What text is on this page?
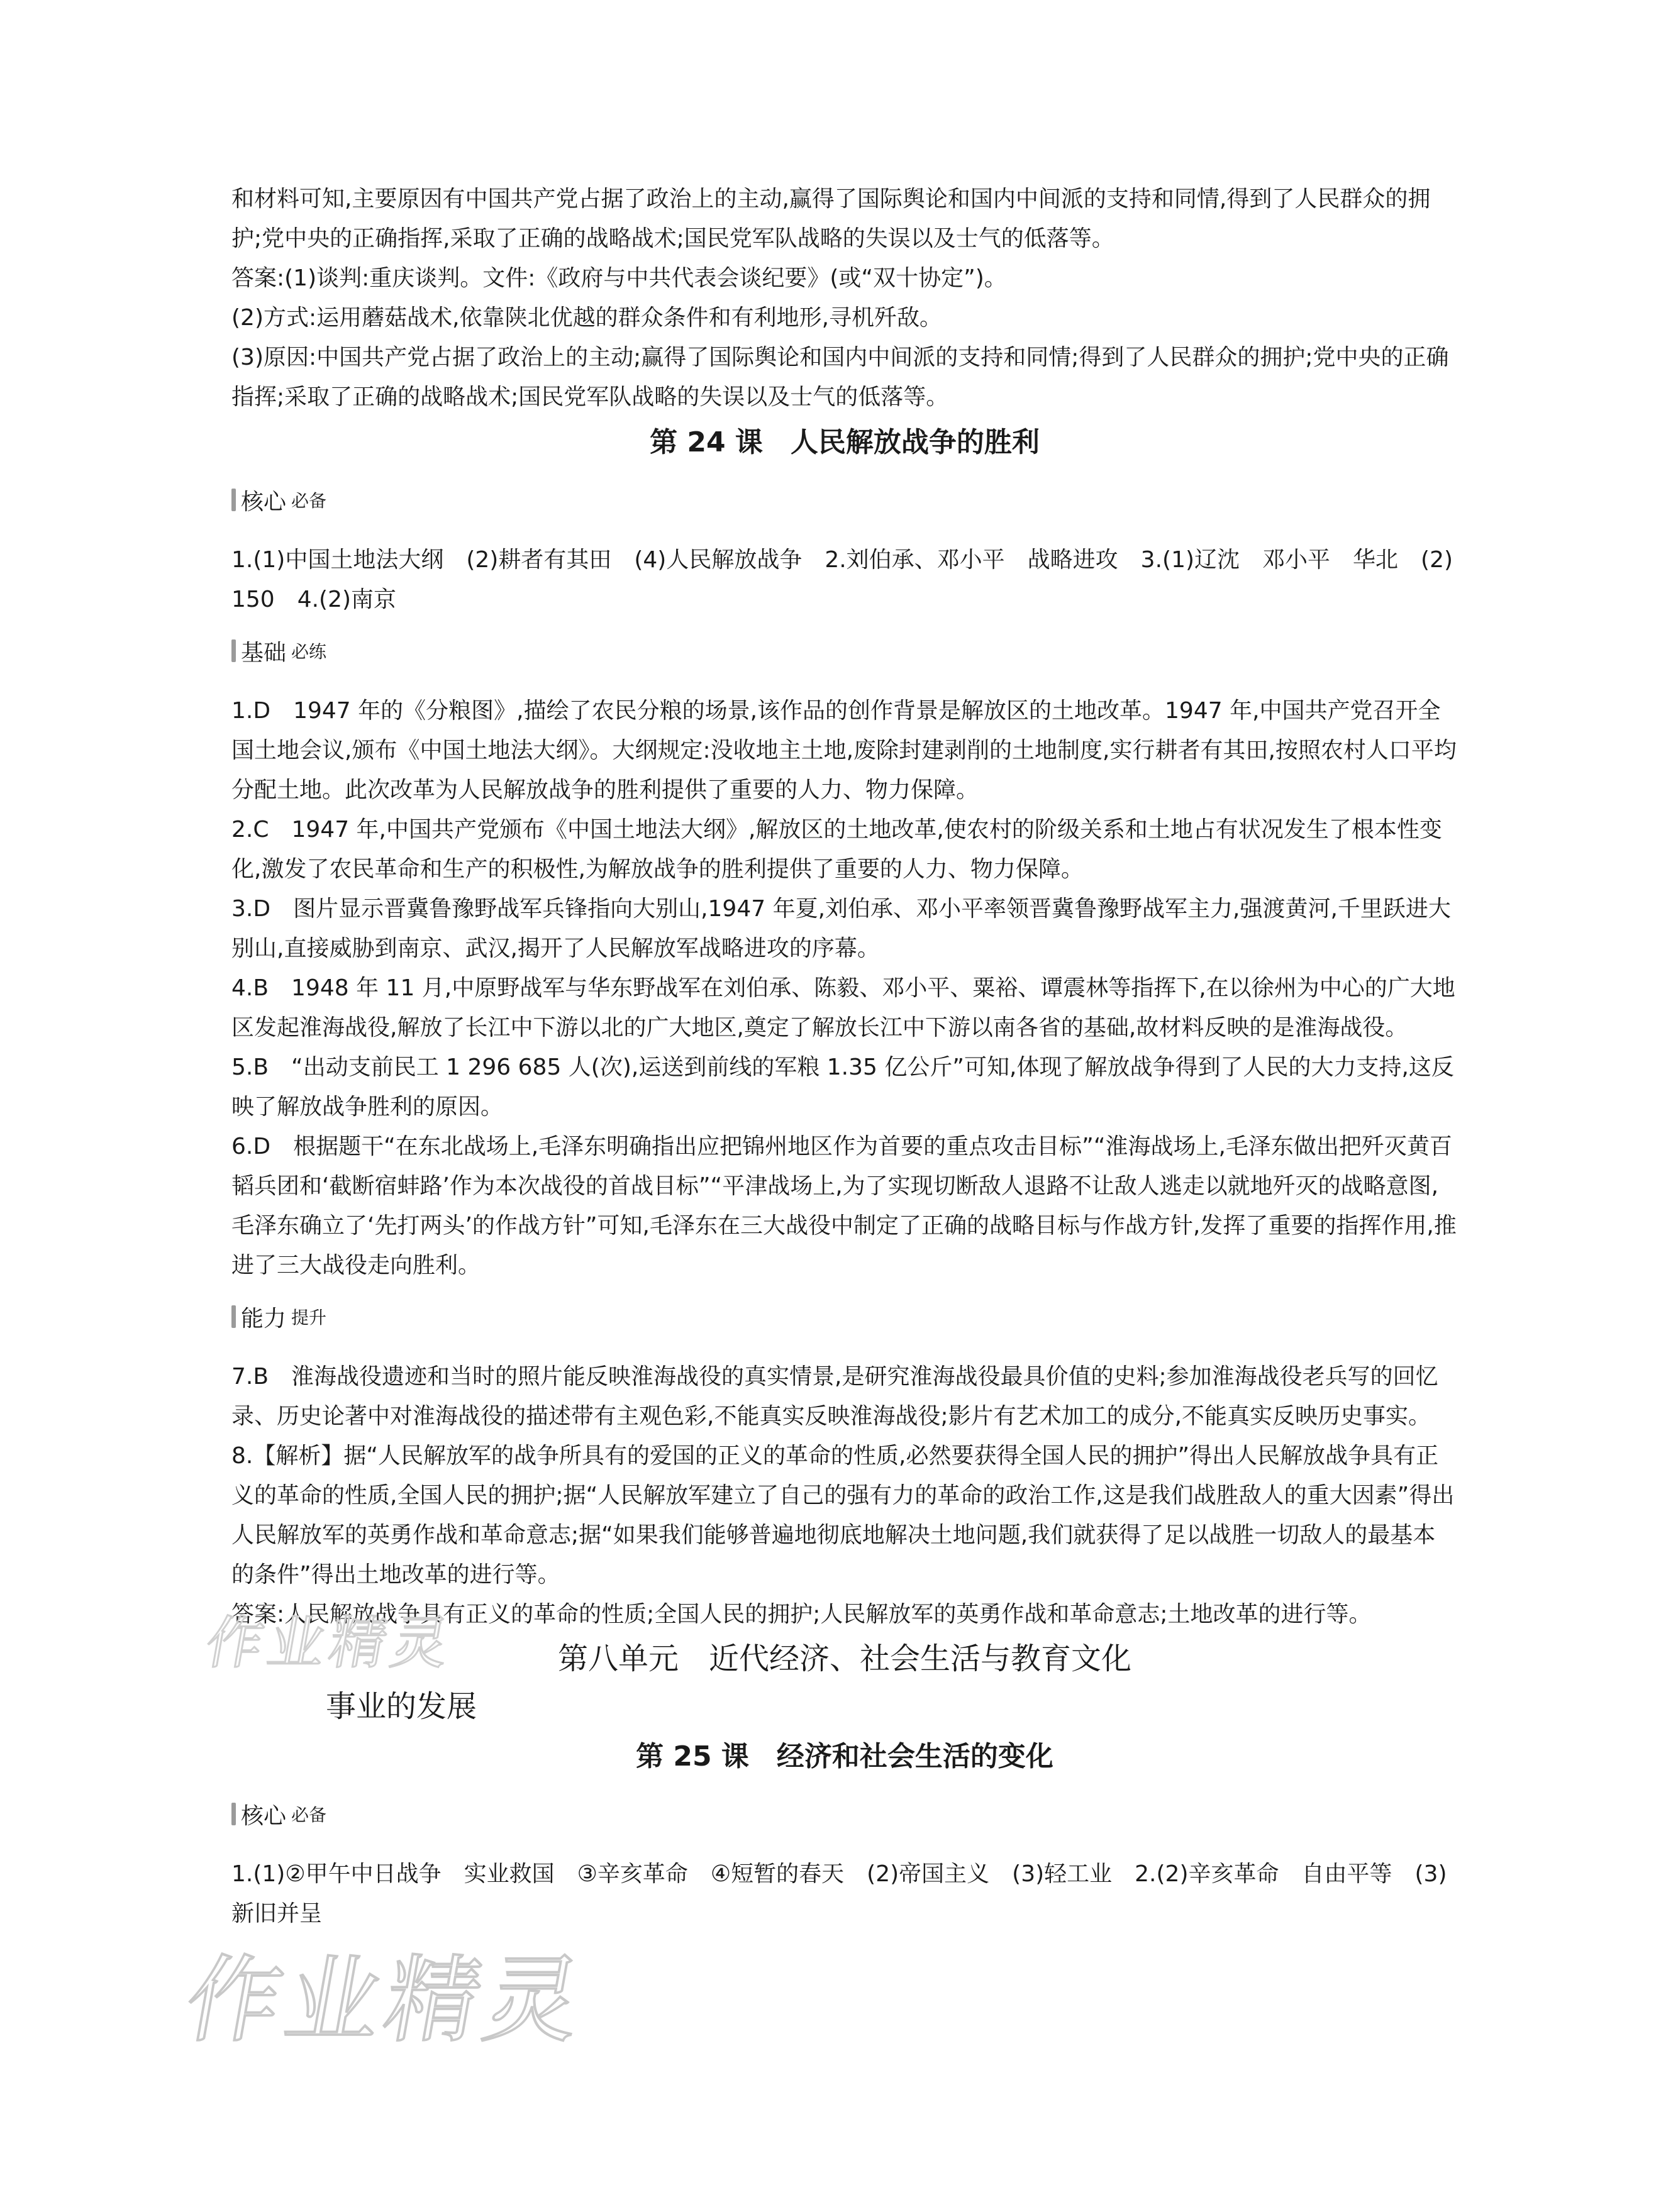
和材料可知,主要原因有中国共产党占据了政治上的主动,赢得了国际舆论和国内中间派的支持和同情,得到了人民群众的拥护;党中央的正确指挥,采取了正确的战略战术;国民党军队战略的失误以及士气的低落等。

答案:(1)谈判:重庆谈判。文件:《政府与中共代表会谈纪要》(或“双十协定”)。

(2)方式:运用蘑菇战术,依靠陕北优越的群众条件和有利地形,寻机歼敌。

(3)原因:中国共产党占据了政治上的主动;赢得了国际舆论和国内中间派的支持和同情;得到了人民群众的拥护;党中央的正确指挥;采取了正确的战略战术;国民党军队战略的失误以及士气的低落等。

第 24 课　人民解放战争的胜利
核心 必备

1.(1)中国土地法大纲　(2)耕者有其田　(4)人民解放战争　2.刘伯承、邓小平　战略进攻　3.(1)辽沈　邓小平　华北　(2)150　4.(2)南京

基础 必练

1.D　1947 年的《分粮图》,描绘了农民分粮的场景,该作品的创作背景是解放区的土地改革。1947 年,中国共产党召开全国土地会议,颁布《中国土地法大纲》。大纲规定:没收地主土地,废除封建剥削的土地制度,实行耕者有其田,按照农村人口平均分配土地。此次改革为人民解放战争的胜利提供了重要的人力、物力保障。

2.C　1947 年,中国共产党颁布《中国土地法大纲》,解放区的土地改革,使农村的阶级关系和土地占有状况发生了根本性变化,激发了农民革命和生产的积极性,为解放战争的胜利提供了重要的人力、物力保障。

3.D　图片显示晋冀鲁豫野战军兵锋指向大别山,1947 年夏,刘伯承、邓小平率领晋冀鲁豫野战军主力,强渡黄河,千里跃进大别山,直接威胁到南京、武汉,揭开了人民解放军战略进攻的序幕。

4.B　1948 年 11 月,中原野战军与华东野战军在刘伯承、陈毅、邓小平、粟裕、谭震林等指挥下,在以徐州为中心的广大地区发起淮海战役,解放了长江中下游以北的广大地区,奠定了解放长江中下游以南各省的基础,故材料反映的是淮海战役。

5.B　“出动支前民工 1 296 685 人(次),运送到前线的军粮 1.35 亿公斤”可知,体现了解放战争得到了人民的大力支持,这反映了解放战争胜利的原因。

6.D　根据题干“在东北战场上,毛泽东明确指出应把锦州地区作为首要的重点攻击目标”“淮海战场上,毛泽东做出把歼灭黄百韬兵团和‘截断宿蚌路’作为本次战役的首战目标”“平津战场上,为了实现切断敌人退路不让敌人逃走以就地歼灭的战略意图,毛泽东确立了‘先打两头’的作战方针”可知,毛泽东在三大战役中制定了正确的战略目标与作战方针,发挥了重要的指挥作用,推进了三大战役走向胜利。

能力 提升

7.B　淮海战役遗迹和当时的照片能反映淮海战役的真实情景,是研究淮海战役最具价值的史料;参加淮海战役老兵写的回忆录、历史论著中对淮海战役的描述带有主观色彩,不能真实反映淮海战役;影片有艺术加工的成分,不能真实反映历史事实。

8.【解析】据“人民解放军的战争所具有的爱国的正义的革命的性质,必然要获得全国人民的拥护”得出人民解放战争具有正义的革命的性质,全国人民的拥护;据“人民解放军建立了自己的强有力的革命的政治工作,这是我们战胜敌人的重大因素”得出人民解放军的英勇作战和革命意志;据“如果我们能够普遍地彻底地解决土地问题,我们就获得了足以战胜一切敌人的最基本的条件”得出土地改革的进行等。

答案:人民解放战争具有正义的革命的性质;全国人民的拥护;人民解放军的英勇作战和革命意志;土地改革的进行等。

第八单元　近代经济、社会生活与教育文化
事业的发展
第 25 课　经济和社会生活的变化
核心 必备

1.(1)②甲午中日战争　实业救国　③辛亥革命　④短暂的春天　(2)帝国主义　(3)轻工业　2.(2)辛亥革命　自由平等　(3)新旧并呈

作业精灵
作业精灵
